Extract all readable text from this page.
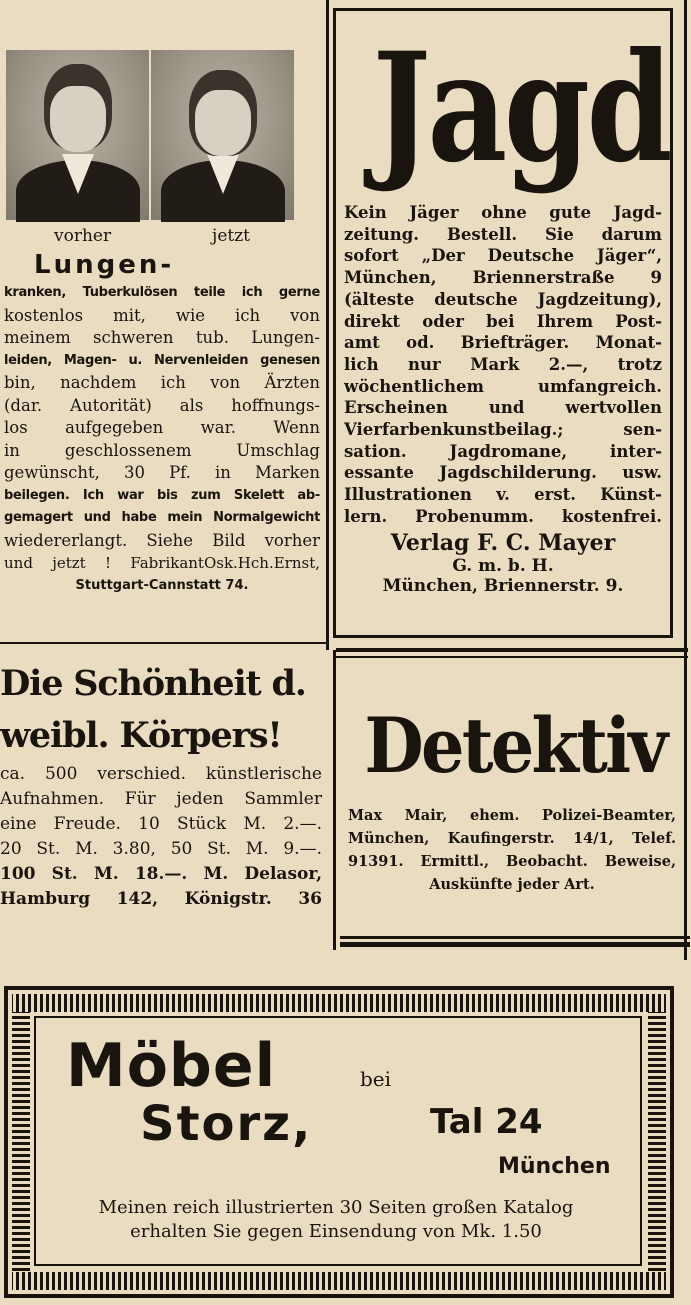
vorher	jetzt
Lungen-
kranken, Tuberkulösen teile ich gerne
kostenlos mit, wie ich von
meinem schweren tub. Lungen-
leiden, Magen- u. Nervenleiden genesen
bin, nachdem ich von Ärzten
(dar. Autorität) als hoffnungs-
los aufgegeben war. Wenn
in geschlossenem Umschlag
gewünscht, 30 Pf. in Marken
beilegen. Ich war bis zum Skelett ab-
gemagert und habe mein Normalgewicht
wiedererlangt. Siehe Bild vorher
und jetzt ! FabrikantOsk.Hch.Ernst,
Stuttgart-Cannstatt 74.
Jagd
Kein Jäger ohne gute Jagd-
zeitung. Bestell. Sie darum
sofort „Der Deutsche Jäger“,
München, Briennerstraße 9
(älteste deutsche Jagdzeitung),
direkt oder bei Ihrem Post-
amt od. Briefträger. Monat-
lich nur Mark 2.—, trotz
wöchentlichem umfangreich.
Erscheinen und wertvollen
Vierfarbenkunstbeilag.; sen-
sation. Jagdromane, inter-
essante Jagdschilderung. usw.
Illustrationen v. erst. Künst-
lern. Probenumm. kostenfrei.
Verlag F. C. Mayer
G. m. b. H.
München, Briennerstr. 9.
Die Schönheit d.
weibl. Körpers!
ca. 500 verschied. künstlerische
Aufnahmen. Für jeden Sammler
eine Freude. 10 Stück M. 2.—.
20 St. M. 3.80, 50 St. M. 9.—.
100 St. M. 18.—. M. Delasor,
Hamburg 142, Königstr. 36
Detektiv
Max Mair, ehem. Polizei-Beamter,
München, Kaufingerstr. 14/1, Telef.
91391. Ermittl., Beobacht. Beweise,
Auskünfte jeder Art.
Möbel	bei
Storz,	Tal 24
München
Meinen reich illustrierten 30 Seiten großen Katalog
erhalten Sie gegen Einsendung von Mk. 1.50
